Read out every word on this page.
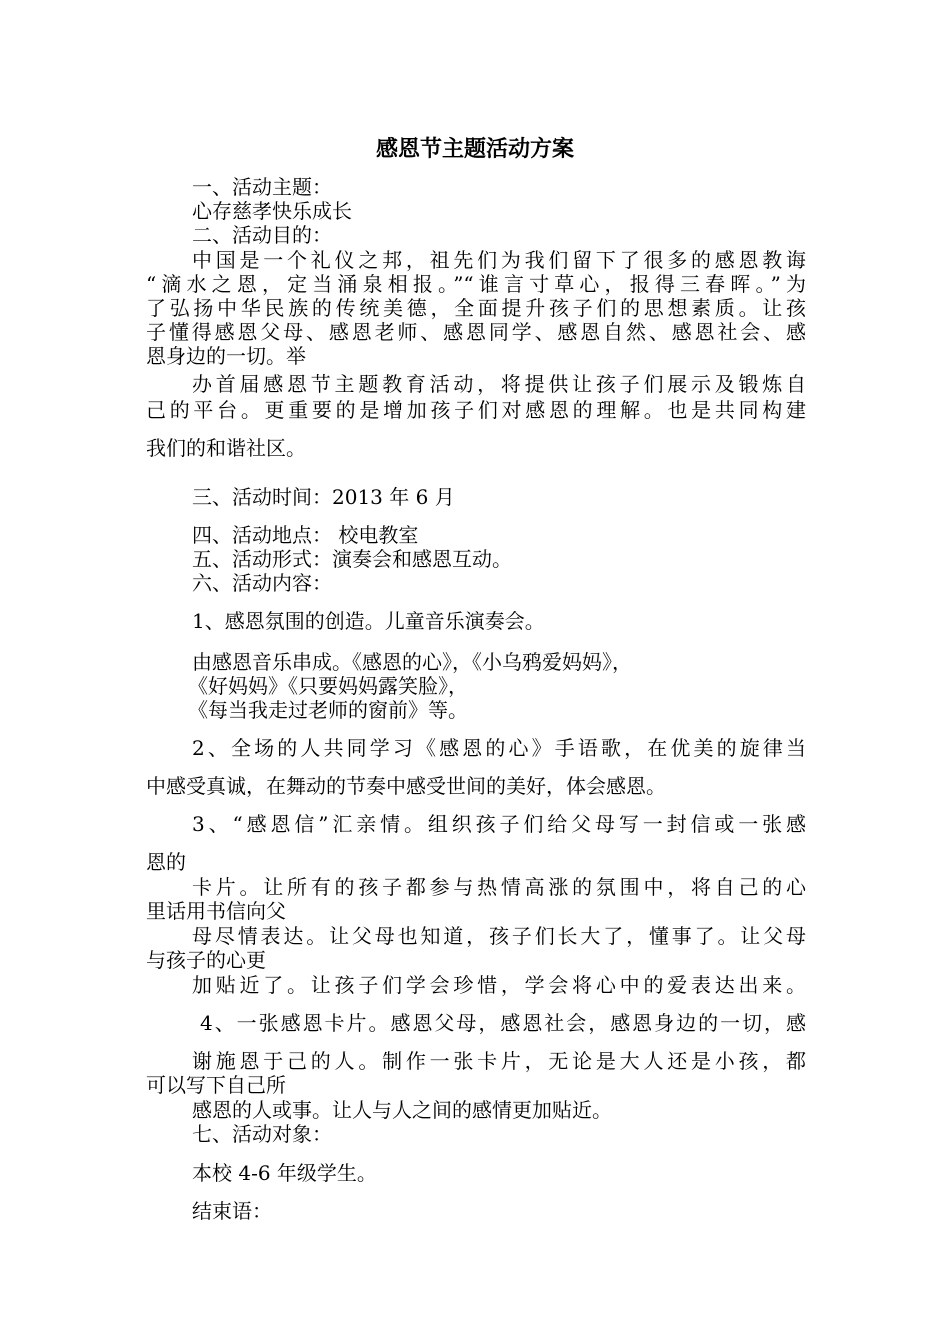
感恩节主题活动方案
一、活动主题：
心存慈孝快乐成长
二、活动目的：
中国是一个礼仪之邦，祖先们为我们留下了很多的感恩教诲
“滴水之恩，定当涌泉相报。”“谁言寸草心，报得三春晖。”为
了弘扬中华民族的传统美德，全面提升孩子们的思想素质。让孩
子懂得感恩父母、感恩老师、感恩同学、感恩自然、感恩社会、感
恩身边的一切。举
办首届感恩节主题教育活动，将提供让孩子们展示及锻炼自
己的平台。更重要的是增加孩子们对感恩的理解。也是共同构建
我们的和谐社区。
三、活动时间：2013 年 6 月
四、活动地点： 校电教室
五、活动形式：演奏会和感恩互动。
六、活动内容：
1、感恩氛围的创造。儿童音乐演奏会。
由感恩音乐串成。《感恩的心》，《小乌鸦爱妈妈》，
《好妈妈》《只要妈妈露笑脸》，
《每当我走过老师的窗前》等。
2、全场的人共同学习《感恩的心》手语歌，在优美的旋律当
中感受真诚，在舞动的节奏中感受世间的美好，体会感恩。
3、“感恩信”汇亲情。组织孩子们给父母写一封信或一张感
恩的
卡片。让所有的孩子都参与热情高涨的氛围中，将自己的心
里话用书信向父
母尽情表达。让父母也知道，孩子们长大了，懂事了。让父母
与孩子的心更
加贴近了。让孩子们学会珍惜，学会将心中的爱表达出来。
4、一张感恩卡片。感恩父母，感恩社会，感恩身边的一切，感
谢施恩于己的人。制作一张卡片，无论是大人还是小孩，都
可以写下自己所
感恩的人或事。让人与人之间的感情更加贴近。
七、活动对象：
本校 4-6 年级学生。
结束语：
